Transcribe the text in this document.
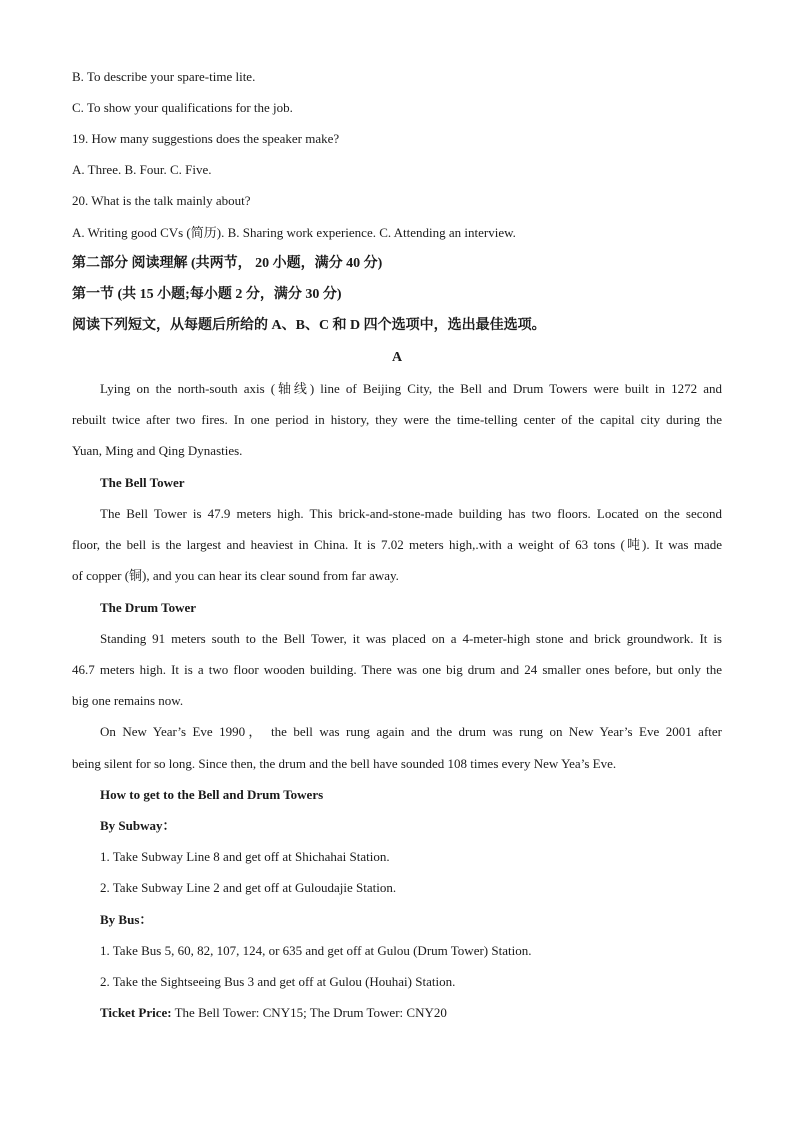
B. To describe your spare-time lite.
C. To show your qualifications for the job.
19. How many suggestions does the speaker make?
A. Three. B. Four. C. Five.
20. What is the talk mainly about?
A. Writing good CVs (简历). B. Sharing work experience. C. Attending an interview.
第二部分 阅读理解 (共两节， 20 小题，满分 40 分)
第一节 (共 15 小题;每小题 2 分，满分 30 分)
阅读下列短文，从每题后所给的 A、B、C 和 D 四个选项中，选出最佳选项。
A
Lying on the north-south axis (轴线) line of Beijing City, the Bell and Drum Towers were built in 1272 and
rebuilt twice after two fires. In one period in history, they were the time-telling center of the capital city during the
Yuan, Ming and Qing Dynasties.
The Bell Tower
The Bell Tower is 47.9 meters high. This brick-and-stone-made building has two floors. Located on the second
floor, the bell is the largest and heaviest in China. It is 7.02 meters high,.with a weight of 63 tons (吨). It was made
of copper (铜), and you can hear its clear sound from far away.
The Drum Tower
Standing 91 meters south to the Bell Tower, it was placed on a 4-meter-high stone and brick groundwork. It is
46.7 meters high. It is a two floor wooden building. There was one big drum and 24 smaller ones before, but only the
big one remains now.
On New Year’s Eve 1990， the bell was rung again and the drum was rung on New Year’s Eve 2001 after
being silent for so long. Since then, the drum and the bell have sounded 108 times every New Yea’s Eve.
How to get to the Bell and Drum Towers
By Subway：
1. Take Subway Line 8 and get off at Shichahai Station.
2. Take Subway Line 2 and get off at Guloudajie Station.
By Bus：
1. Take Bus 5, 60, 82, 107, 124, or 635 and get off at Gulou (Drum Tower) Station.
2. Take the Sightseeing Bus 3 and get off at Gulou (Houhai) Station.
Ticket Price: The Bell Tower: CNY15; The Drum Tower: CNY20
